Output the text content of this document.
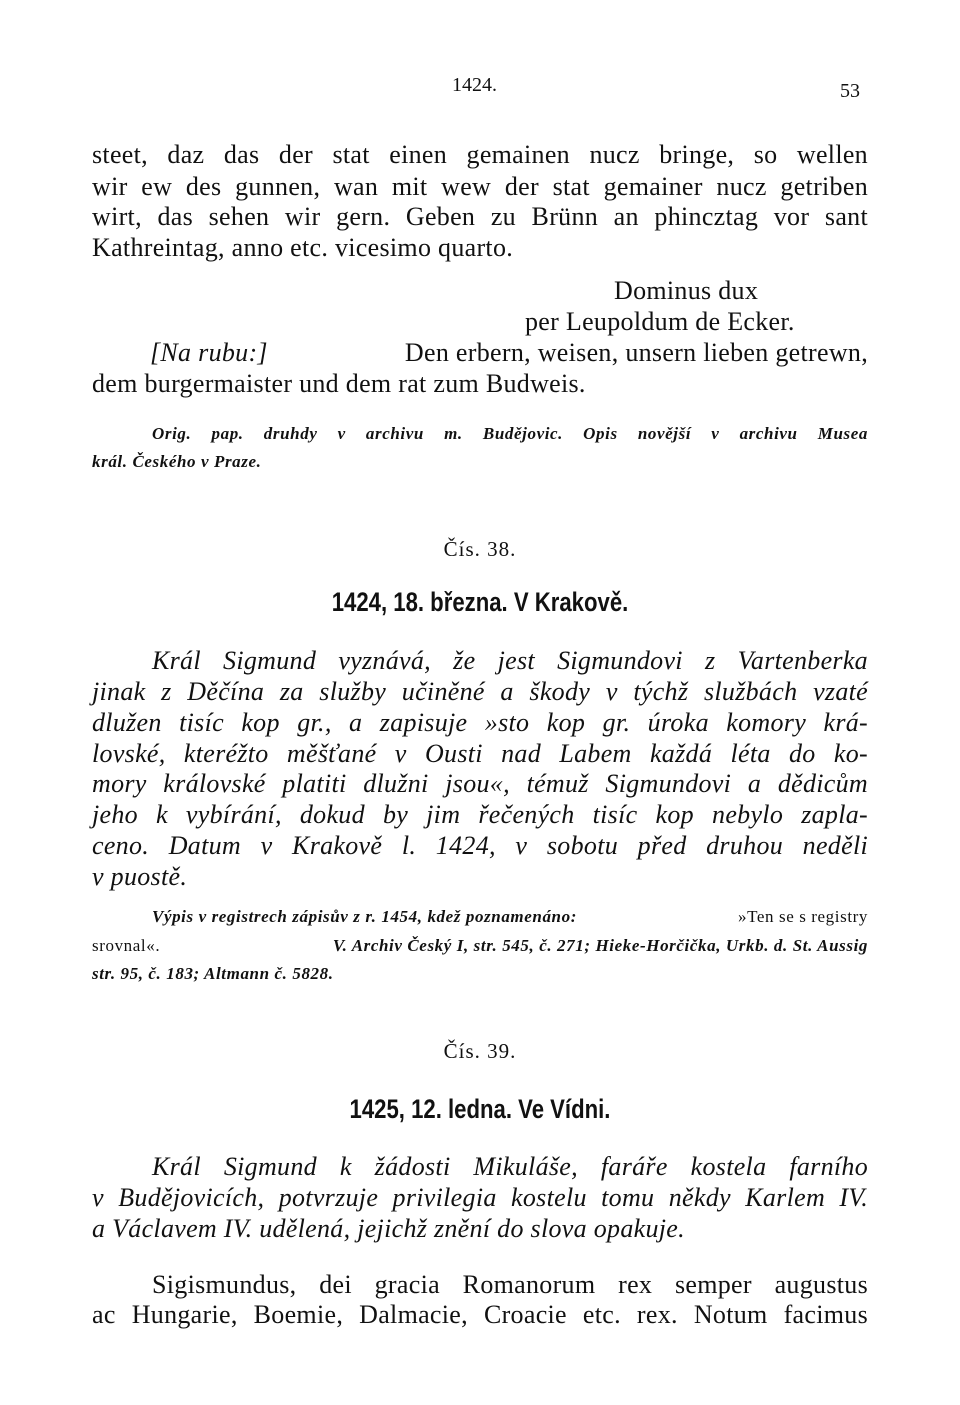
1424.	53
steet, daz das der stat einen gemainen nucz bringe, so wellen
wir ew des gunnen, wan mit wew der stat gemainer nucz getriben
wirt, das sehen wir gern. Geben zu Brünn an phincztag vor sant
Kathreintag, anno etc. vicesimo quarto.
Dominus dux
per Leupoldum de Ecker.
[Na rubu:]	Den erbern, weisen, unsern lieben getrewn,
dem burgermaister und dem rat zum Budweis.
Orig. pap. druhdy v archivu m. Budějovic. Opis novější v archivu Musea
král. Českého v Praze.
Čís. 38.
1424, 18. března. V Krakově.
Král Sigmund vyznává, že jest Sigmundovi z Vartenberka
jinak z Děčína za služby učiněné a škody v týchž službách vzaté
dlužen tisíc kop gr., a zapisuje »sto kop gr. úroka komory krá-
lovské, kteréžto měšťané v Ousti nad Labem každá léta do ko-
mory královské platiti dlužni jsou«, témuž Sigmundovi a dědicům
jeho k vybírání, dokud by jim řečených tisíc kop nebylo zapla-
ceno. Datum v Krakově l. 1424, v sobotu před druhou neděli
v puostě.
Výpis v registrech zápisův z r. 1454, kdež poznamenáno:	»Ten se s registry
srovnal«.	V. Archiv Český I, str. 545, č. 271; Hieke-Horčička, Urkb. d. St. Aussig
str. 95, č. 183; Altmann č. 5828.
Čís. 39.
1425, 12. ledna. Ve Vídni.
Král Sigmund k žádosti Mikuláše, faráře kostela farního
v Budějovicích, potvrzuje privilegia kostelu tomu někdy Karlem IV.
a Václavem IV. udělená, jejichž znění do slova opakuje.
Sigismundus, dei gracia Romanorum rex semper augustus
ac Hungarie, Boemie, Dalmacie, Croacie etc. rex. Notum facimus
